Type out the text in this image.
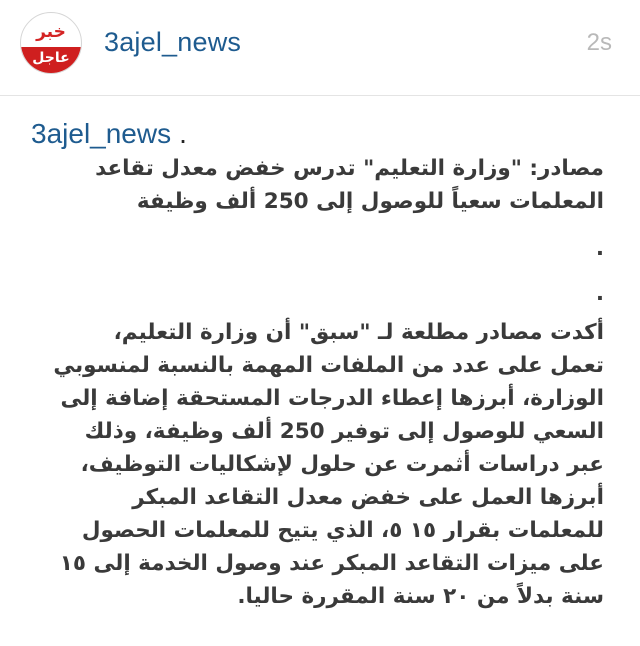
خبر
عاجل
3ajel_news	2s
3ajel_news .
مصادر: "وزارة التعليم" تدرس خفض معدل تقاعد
المعلمات سعياً للوصول إلى 250 ألف وظيفة
.
.
أكدت مصادر مطلعة لـ "سبق" أن وزارة التعليم،
تعمل على عدد من الملفات المهمة بالنسبة لمنسوبي
الوزارة، أبرزها إعطاء الدرجات المستحقة إضافة إلى
السعي للوصول إلى توفير 250 ألف وظيفة، وذلك
عبر دراسات أثمرت عن حلول لإشكاليات التوظيف،
أبرزها العمل على خفض معدل التقاعد المبكر
للمعلمات بقرار ١٥ ٥، الذي يتيح للمعلمات الحصول
على ميزات التقاعد المبكر عند وصول الخدمة إلى ١٥
سنة بدلاً من ٢٠ سنة المقررة حاليا.
